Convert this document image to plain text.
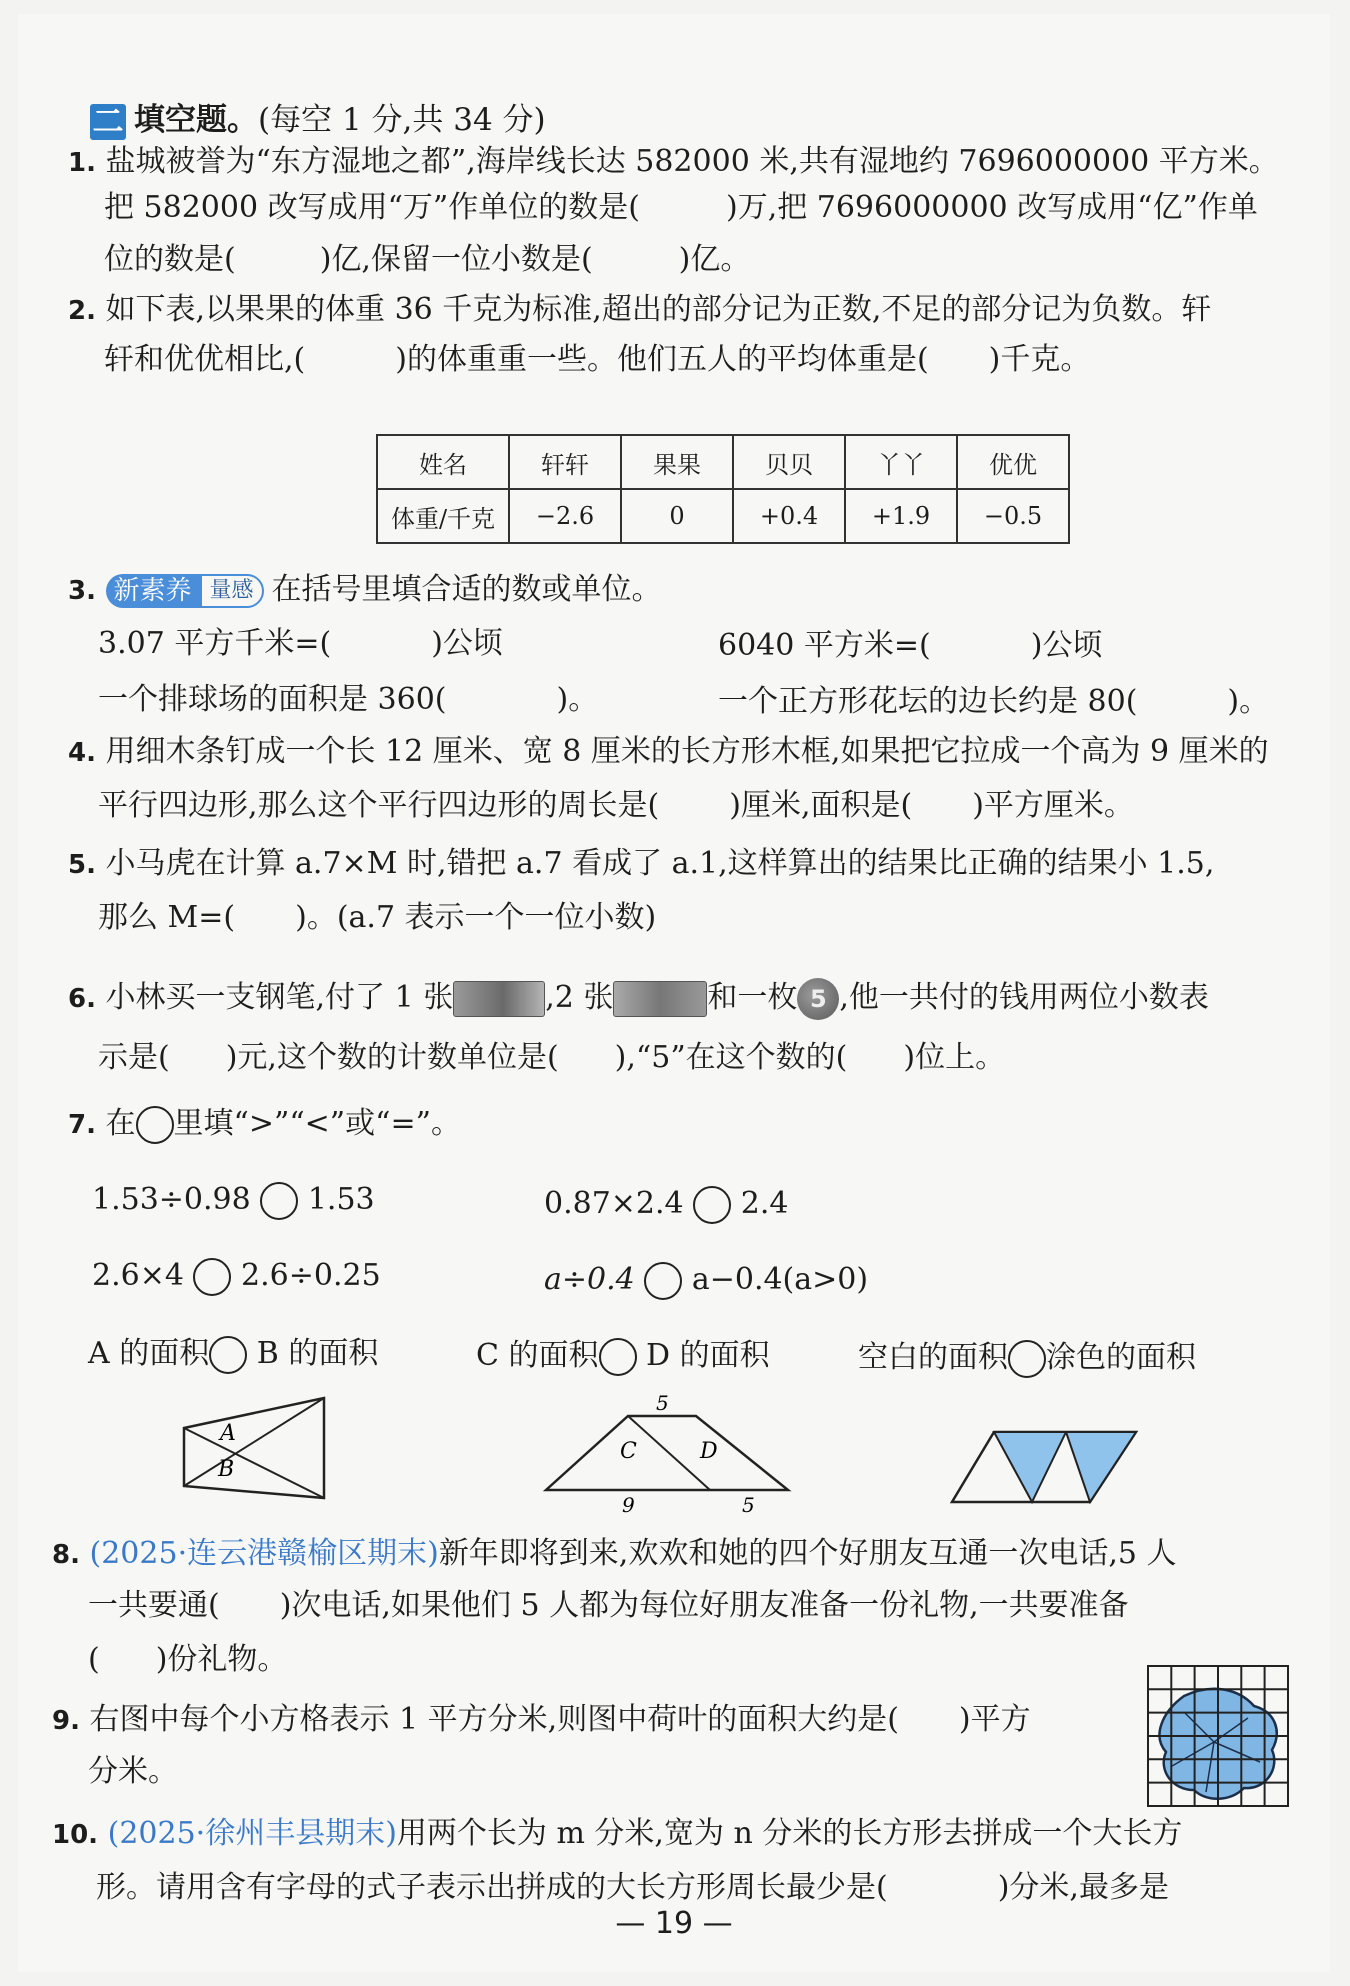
二 填空题。(每空 1 分,共 34 分)
1. 盐城被誉为“东方湿地之都”,海岸线长达 582000 米,共有湿地约 7696000000 平方米。
把 582000 改写成用“万”作单位的数是(	)万,把 7696000000 改写成用“亿”作单
位的数是(	)亿,保留一位小数是(	)亿。
2. 如下表,以果果的体重 36 千克为标准,超出的部分记为正数,不足的部分记为负数。轩
轩和优优相比,(	)的体重重一些。他们五人的平均体重是( )千克。
姓名	轩轩	果果	贝贝	丫丫	优优
体重/千克	−2.6	0	+0.4	+1.9	−0.5
3. 新素养 量感 在括号里填合适的数或单位。
3.07 平方千米=(	)公顷	6040 平方米=(	)公顷
一个排球场的面积是 360(	)。	一个正方形花坛的边长约是 80(	)。
4. 用细木条钉成一个长 12 厘米、宽 8 厘米的长方形木框,如果把它拉成一个高为 9 厘米的
平行四边形,那么这个平行四边形的周长是( )厘米,面积是( )平方厘米。
5. 小马虎在计算 a.7×M 时,错把 a.7 看成了 a.1,这样算出的结果比正确的结果小 1.5,
那么 M=( )。(a.7 表示一个一位小数)
6. 小林买一支钢笔,付了 1 张	,2 张	和一枚 5 ,他一共付的钱用两位小数表
示是( )元,这个数的计数单位是( ),“5”在这个数的( )位上。
7. 在 里填“>”“<”或“=”。
1.53÷0.98 1.53	0.87×2.4 2.4
2.6×4 2.6÷0.25	a÷0.4 a−0.4(a>0)
A 的面积 B 的面积	C 的面积 D 的面积	空白的面积 涂色的面积
A
B
5
C	D
9	5
8. (2025·连云港赣榆区期末)新年即将到来,欢欢和她的四个好朋友互通一次电话,5 人
一共要通( )次电话,如果他们 5 人都为每位好朋友准备一份礼物,一共要准备
( )份礼物。
9. 右图中每个小方格表示 1 平方分米,则图中荷叶的面积大约是( )平方
分米。
10. (2025·徐州丰县期末)用两个长为 m 分米,宽为 n 分米的长方形去拼成一个大长方
形。请用含有字母的式子表示出拼成的大长方形周长最少是(	)分米,最多是
— 19 —
